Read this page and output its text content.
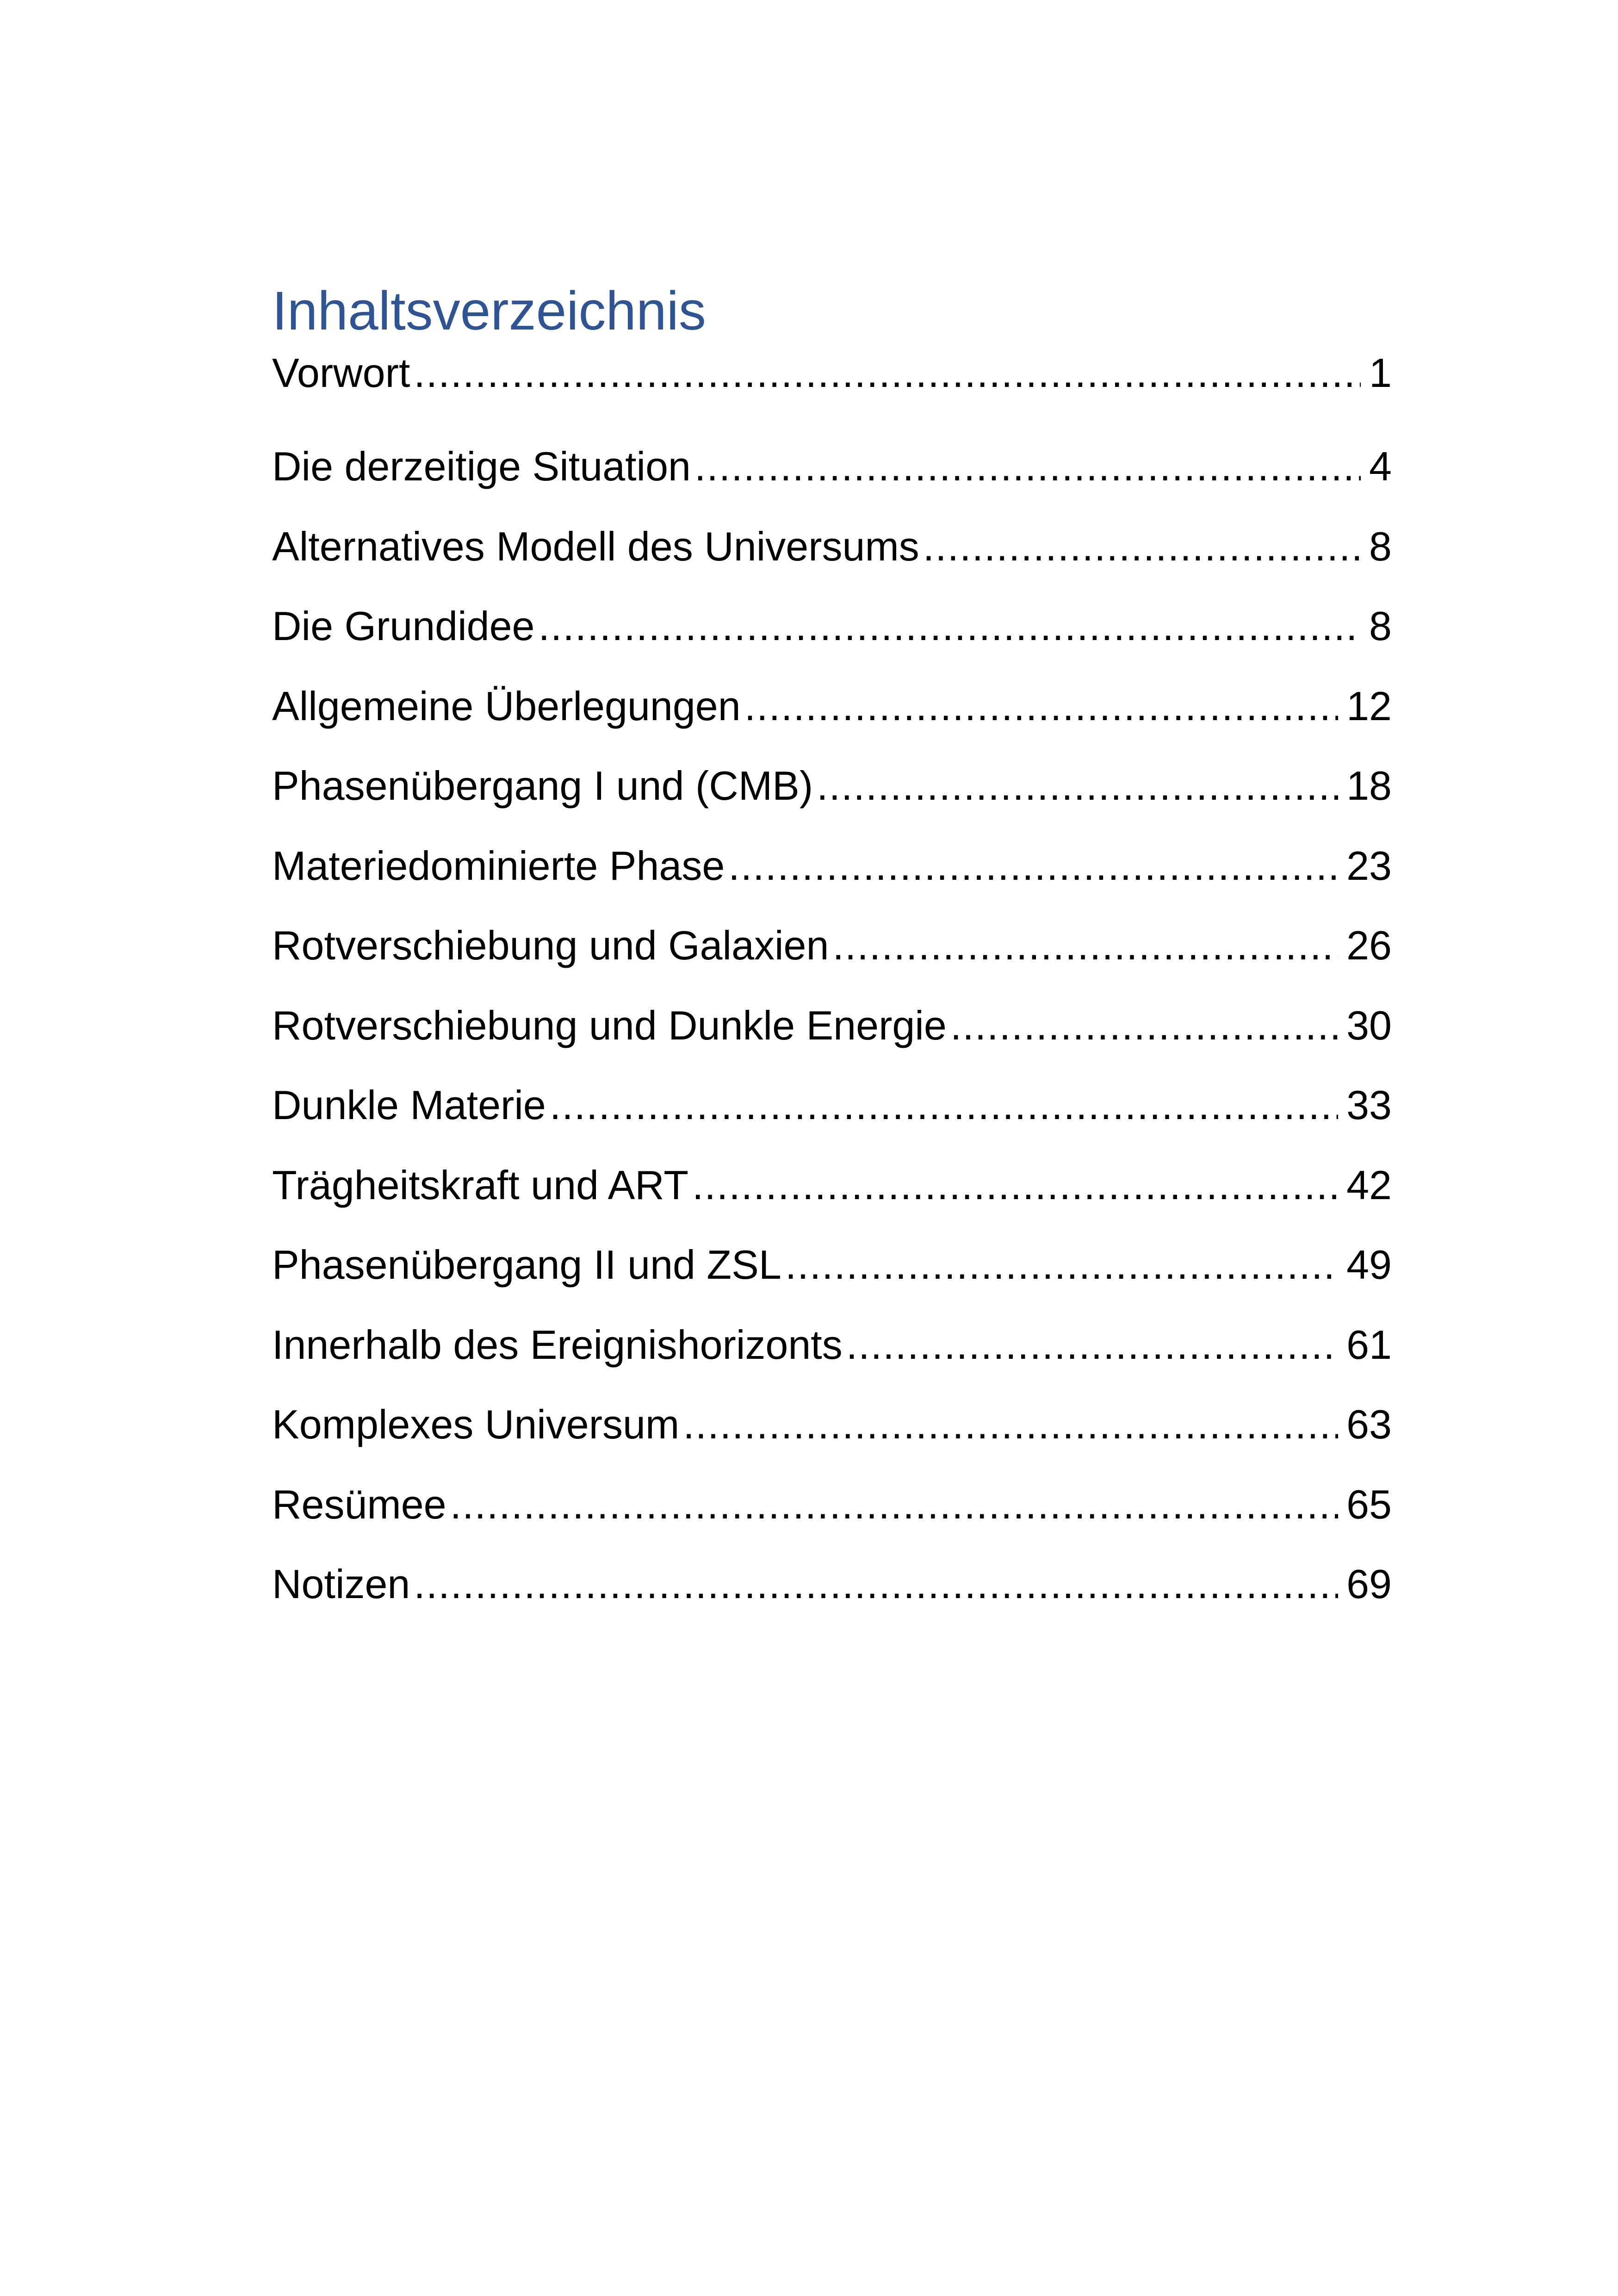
Inhaltsverzeichnis
Vorwort .....	1
Die derzeitige Situation .....	4
Alternatives Modell des Universums .....	8
Die Grundidee .....	8
Allgemeine Überlegungen .....	12
Phasenübergang I und (CMB) .....	18
Materiedominierte Phase .....	23
Rotverschiebung und Galaxien .....	26
Rotverschiebung und Dunkle Energie .....	30
Dunkle Materie .....	33
Trägheitskraft und ART .....	42
Phasenübergang II und ZSL .....	49
Innerhalb des Ereignishorizonts .....	61
Komplexes Universum .....	63
Resümee .....	65
Notizen .....	69
